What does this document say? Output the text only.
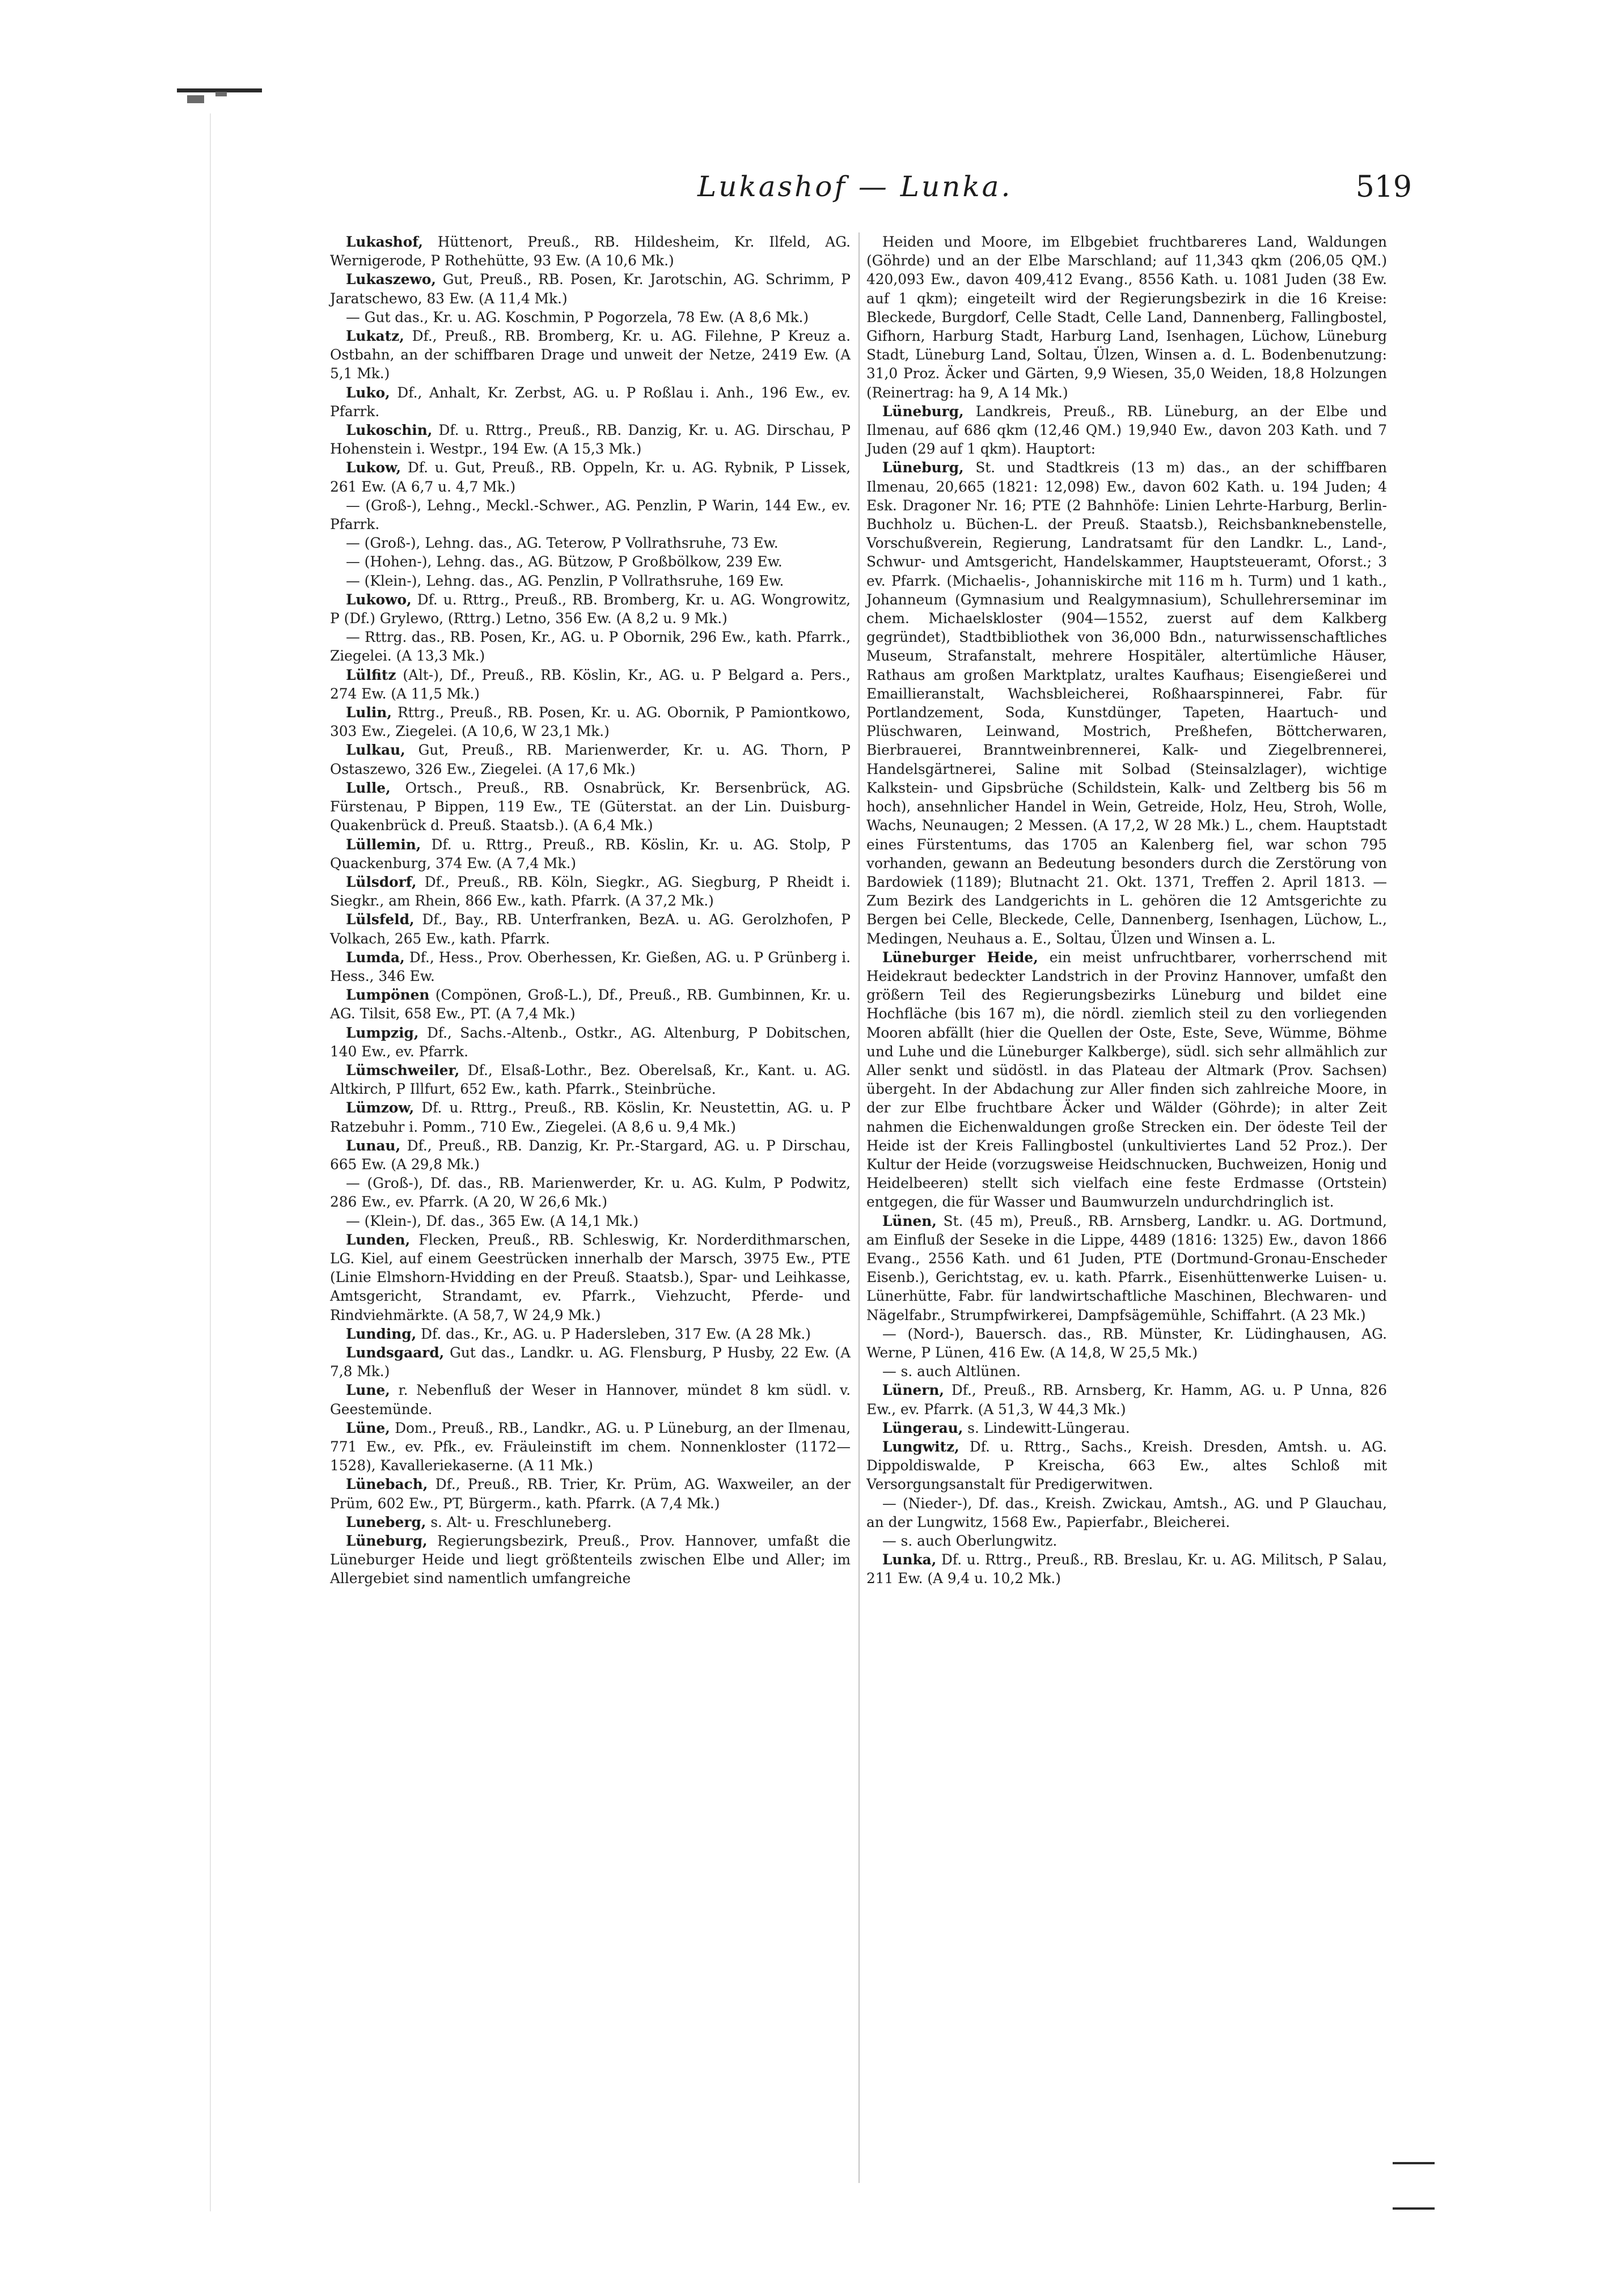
Lukashof — Lunka.	519

Lukashof, Hüttenort, Preuß., RB. Hildesheim, Kr. Ilfeld, AG. Wernigerode, P Rothehütte, 93 Ew. (A 10,6 Mk.)

Lukaszewo, Gut, Preuß., RB. Posen, Kr. Jarotschin, AG. Schrimm, P Jaratschewo, 83 Ew. (A 11,4 Mk.)

— Gut das., Kr. u. AG. Koschmin, P Pogorzela, 78 Ew. (A 8,6 Mk.)

Lukatz, Df., Preuß., RB. Bromberg, Kr. u. AG. Filehne, P Kreuz a. Ostbahn, an der schiffbaren Drage und unweit der Netze, 2419 Ew. (A 5,1 Mk.)

Luko, Df., Anhalt, Kr. Zerbst, AG. u. P Roßlau i. Anh., 196 Ew., ev. Pfarrk.

Lukoschin, Df. u. Rttrg., Preuß., RB. Danzig, Kr. u. AG. Dirschau, P Hohenstein i. Westpr., 194 Ew. (A 15,3 Mk.)

Lukow, Df. u. Gut, Preuß., RB. Oppeln, Kr. u. AG. Rybnik, P Lissek, 261 Ew. (A 6,7 u. 4,7 Mk.)

— (Groß-), Lehng., Meckl.-Schwer., AG. Penzlin, P Warin, 144 Ew., ev. Pfarrk.

— (Groß-), Lehng. das., AG. Teterow, P Vollrathsruhe, 73 Ew.

— (Hohen-), Lehng. das., AG. Bützow, P Großbölkow, 239 Ew.

— (Klein-), Lehng. das., AG. Penzlin, P Vollrathsruhe, 169 Ew.

Lukowo, Df. u. Rttrg., Preuß., RB. Bromberg, Kr. u. AG. Wongrowitz, P (Df.) Grylewo, (Rttrg.) Letno, 356 Ew. (A 8,2 u. 9 Mk.)

— Rttrg. das., RB. Posen, Kr., AG. u. P Obornik, 296 Ew., kath. Pfarrk., Ziegelei. (A 13,3 Mk.)

Lülfitz (Alt-), Df., Preuß., RB. Köslin, Kr., AG. u. P Belgard a. Pers., 274 Ew. (A 11,5 Mk.)

Lulin, Rttrg., Preuß., RB. Posen, Kr. u. AG. Obornik, P Pamiontkowo, 303 Ew., Ziegelei. (A 10,6, W 23,1 Mk.)

Lulkau, Gut, Preuß., RB. Marienwerder, Kr. u. AG. Thorn, P Ostaszewo, 326 Ew., Ziegelei. (A 17,6 Mk.)

Lulle, Ortsch., Preuß., RB. Osnabrück, Kr. Bersenbrück, AG. Fürstenau, P Bippen, 119 Ew., TE (Güterstat. an der Lin. Duisburg-Quakenbrück d. Preuß. Staatsb.). (A 6,4 Mk.)

Lüllemin, Df. u. Rttrg., Preuß., RB. Köslin, Kr. u. AG. Stolp, P Quackenburg, 374 Ew. (A 7,4 Mk.)

Lülsdorf, Df., Preuß., RB. Köln, Siegkr., AG. Siegburg, P Rheidt i. Siegkr., am Rhein, 866 Ew., kath. Pfarrk. (A 37,2 Mk.)

Lülsfeld, Df., Bay., RB. Unterfranken, BezA. u. AG. Gerolzhofen, P Volkach, 265 Ew., kath. Pfarrk.

Lumda, Df., Hess., Prov. Oberhessen, Kr. Gießen, AG. u. P Grünberg i. Hess., 346 Ew.

Lumpönen (Compönen, Groß-L.), Df., Preuß., RB. Gumbinnen, Kr. u. AG. Tilsit, 658 Ew., PT. (A 7,4 Mk.)

Lumpzig, Df., Sachs.-Altenb., Ostkr., AG. Altenburg, P Dobitschen, 140 Ew., ev. Pfarrk.

Lümschweiler, Df., Elsaß-Lothr., Bez. Oberelsaß, Kr., Kant. u. AG. Altkirch, P Illfurt, 652 Ew., kath. Pfarrk., Steinbrüche.

Lümzow, Df. u. Rttrg., Preuß., RB. Köslin, Kr. Neustettin, AG. u. P Ratzebuhr i. Pomm., 710 Ew., Ziegelei. (A 8,6 u. 9,4 Mk.)

Lunau, Df., Preuß., RB. Danzig, Kr. Pr.-Stargard, AG. u. P Dirschau, 665 Ew. (A 29,8 Mk.)

— (Groß-), Df. das., RB. Marienwerder, Kr. u. AG. Kulm, P Podwitz, 286 Ew., ev. Pfarrk. (A 20, W 26,6 Mk.)

— (Klein-), Df. das., 365 Ew. (A 14,1 Mk.)

Lunden, Flecken, Preuß., RB. Schleswig, Kr. Norderdithmarschen, LG. Kiel, auf einem Geestrücken innerhalb der Marsch, 3975 Ew., PTE (Linie Elmshorn-Hvidding en der Preuß. Staatsb.), Spar- und Leihkasse, Amtsgericht, Strandamt, ev. Pfarrk., Viehzucht, Pferde- und Rindviehmärkte. (A 58,7, W 24,9 Mk.)

Lunding, Df. das., Kr., AG. u. P Hadersleben, 317 Ew. (A 28 Mk.)

Lundsgaard, Gut das., Landkr. u. AG. Flensburg, P Husby, 22 Ew. (A 7,8 Mk.)

Lune, r. Nebenfluß der Weser in Hannover, mündet 8 km südl. v. Geestemünde.

Lüne, Dom., Preuß., RB., Landkr., AG. u. P Lüneburg, an der Ilmenau, 771 Ew., ev. Pfk., ev. Fräuleinstift im chem. Nonnenkloster (1172—1528), Kavalleriekaserne. (A 11 Mk.)

Lünebach, Df., Preuß., RB. Trier, Kr. Prüm, AG. Waxweiler, an der Prüm, 602 Ew., PT, Bürgerm., kath. Pfarrk. (A 7,4 Mk.)

Luneberg, s. Alt- u. Freschluneberg.

Lüneburg, Regierungsbezirk, Preuß., Prov. Hannover, umfaßt die Lüneburger Heide und liegt größtenteils zwischen Elbe und Aller; im Allergebiet sind namentlich umfangreiche

Heiden und Moore, im Elbgebiet fruchtbareres Land, Waldungen (Göhrde) und an der Elbe Marschland; auf 11,343 qkm (206,05 QM.) 420,093 Ew., davon 409,412 Evang., 8556 Kath. u. 1081 Juden (38 Ew. auf 1 qkm); eingeteilt wird der Regierungsbezirk in die 16 Kreise: Bleckede, Burgdorf, Celle Stadt, Celle Land, Dannenberg, Fallingbostel, Gifhorn, Harburg Stadt, Harburg Land, Isenhagen, Lüchow, Lüneburg Stadt, Lüneburg Land, Soltau, Ülzen, Winsen a. d. L. Bodenbenutzung: 31,0 Proz. Äcker und Gärten, 9,9 Wiesen, 35,0 Weiden, 18,8 Holzungen (Reinertrag: ha 9, A 14 Mk.)

Lüneburg, Landkreis, Preuß., RB. Lüneburg, an der Elbe und Ilmenau, auf 686 qkm (12,46 QM.) 19,940 Ew., davon 203 Kath. und 7 Juden (29 auf 1 qkm). Hauptort:

Lüneburg, St. und Stadtkreis (13 m) das., an der schiffbaren Ilmenau, 20,665 (1821: 12,098) Ew., davon 602 Kath. u. 194 Juden; 4 Esk. Dragoner Nr. 16; PTE (2 Bahnhöfe: Linien Lehrte-Harburg, Berlin-Buchholz u. Büchen-L. der Preuß. Staatsb.), Reichsbanknebenstelle, Vorschußverein, Regierung, Landratsamt für den Landkr. L., Land-, Schwur- und Amtsgericht, Handelskammer, Hauptsteueramt, Oforst.; 3 ev. Pfarrk. (Michaelis-, Johanniskirche mit 116 m h. Turm) und 1 kath., Johanneum (Gymnasium und Realgymnasium), Schullehrerseminar im chem. Michaelskloster (904—1552, zuerst auf dem Kalkberg gegründet), Stadtbibliothek von 36,000 Bdn., naturwissenschaftliches Museum, Strafanstalt, mehrere Hospitäler, altertümliche Häuser, Rathaus am großen Marktplatz, uraltes Kaufhaus; Eisengießerei und Emaillieranstalt, Wachsbleicherei, Roßhaarspinnerei, Fabr. für Portlandzement, Soda, Kunstdünger, Tapeten, Haartuch- und Plüschwaren, Leinwand, Mostrich, Preßhefen, Böttcherwaren, Bierbrauerei, Branntweinbrennerei, Kalk- und Ziegelbrennerei, Handelsgärtnerei, Saline mit Solbad (Steinsalzlager), wichtige Kalkstein- und Gipsbrüche (Schildstein, Kalk- und Zeltberg bis 56 m hoch), ansehnlicher Handel in Wein, Getreide, Holz, Heu, Stroh, Wolle, Wachs, Neunaugen; 2 Messen. (A 17,2, W 28 Mk.) L., chem. Hauptstadt eines Fürstentums, das 1705 an Kalenberg fiel, war schon 795 vorhanden, gewann an Bedeutung besonders durch die Zerstörung von Bardowiek (1189); Blutnacht 21. Okt. 1371, Treffen 2. April 1813. — Zum Bezirk des Landgerichts in L. gehören die 12 Amtsgerichte zu Bergen bei Celle, Bleckede, Celle, Dannenberg, Isenhagen, Lüchow, L., Medingen, Neuhaus a. E., Soltau, Ülzen und Winsen a. L.

Lüneburger Heide, ein meist unfruchtbarer, vorherrschend mit Heidekraut bedeckter Landstrich in der Provinz Hannover, umfaßt den größern Teil des Regierungsbezirks Lüneburg und bildet eine Hochfläche (bis 167 m), die nördl. ziemlich steil zu den vorliegenden Mooren abfällt (hier die Quellen der Oste, Este, Seve, Wümme, Böhme und Luhe und die Lüneburger Kalkberge), südl. sich sehr allmählich zur Aller senkt und südöstl. in das Plateau der Altmark (Prov. Sachsen) übergeht. In der Abdachung zur Aller finden sich zahlreiche Moore, in der zur Elbe fruchtbare Äcker und Wälder (Göhrde); in alter Zeit nahmen die Eichenwaldungen große Strecken ein. Der ödeste Teil der Heide ist der Kreis Fallingbostel (unkultiviertes Land 52 Proz.). Der Kultur der Heide (vorzugsweise Heidschnucken, Buchweizen, Honig und Heidelbeeren) stellt sich vielfach eine feste Erdmasse (Ortstein) entgegen, die für Wasser und Baumwurzeln undurchdringlich ist.

Lünen, St. (45 m), Preuß., RB. Arnsberg, Landkr. u. AG. Dortmund, am Einfluß der Seseke in die Lippe, 4489 (1816: 1325) Ew., davon 1866 Evang., 2556 Kath. und 61 Juden, PTE (Dortmund-Gronau-Enscheder Eisenb.), Gerichtstag, ev. u. kath. Pfarrk., Eisenhüttenwerke Luisen- u. Lünerhütte, Fabr. für landwirtschaftliche Maschinen, Blechwaren- und Nägelfabr., Strumpfwirkerei, Dampfsägemühle, Schiffahrt. (A 23 Mk.)

— (Nord-), Bauersch. das., RB. Münster, Kr. Lüdinghausen, AG. Werne, P Lünen, 416 Ew. (A 14,8, W 25,5 Mk.)

— s. auch Altlünen.

Lünern, Df., Preuß., RB. Arnsberg, Kr. Hamm, AG. u. P Unna, 826 Ew., ev. Pfarrk. (A 51,3, W 44,3 Mk.)

Lüngerau, s. Lindewitt-Lüngerau.

Lungwitz, Df. u. Rttrg., Sachs., Kreish. Dresden, Amtsh. u. AG. Dippoldiswalde, P Kreischa, 663 Ew., altes Schloß mit Versorgungsanstalt für Predigerwitwen.

— (Nieder-), Df. das., Kreish. Zwickau, Amtsh., AG. und P Glauchau, an der Lungwitz, 1568 Ew., Papierfabr., Bleicherei.

— s. auch Oberlungwitz.

Lunka, Df. u. Rttrg., Preuß., RB. Breslau, Kr. u. AG. Militsch, P Salau, 211 Ew. (A 9,4 u. 10,2 Mk.)
